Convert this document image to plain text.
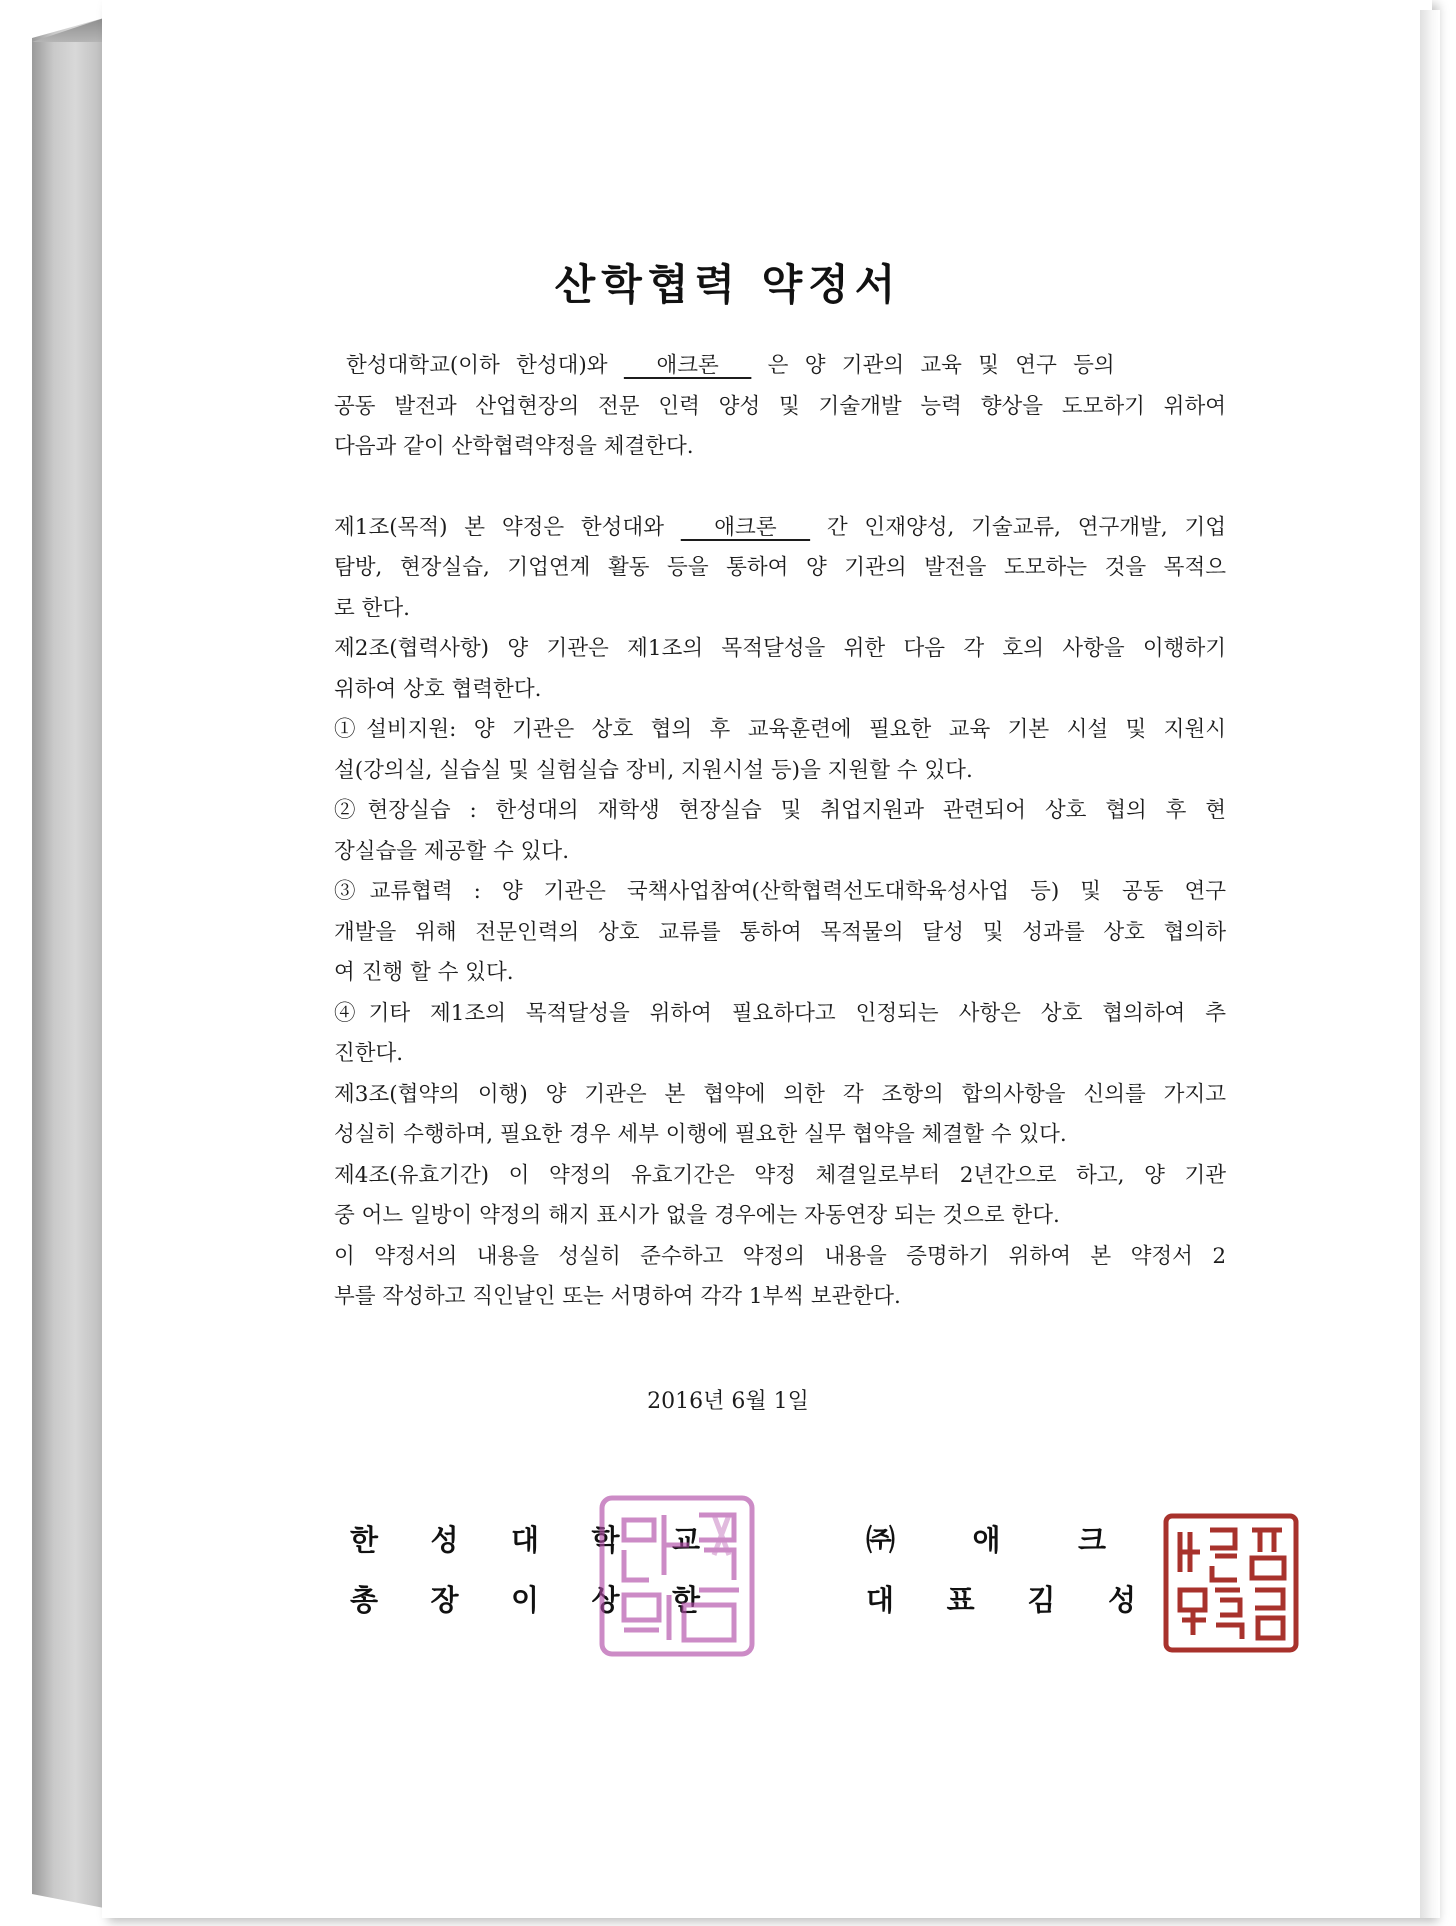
산학협력 약정서
한성대학교(이하 한성대)와   애크론   은 양 기관의 교육 및 연구 등의
공동 발전과 산업현장의 전문 인력 양성 및 기술개발 능력 향상을 도모하기 위하여
다음과 같이 산학협력약정을 체결한다.
제1조(목적) 본 약정은 한성대와   애크론   간 인재양성, 기술교류, 연구개발, 기업
탐방, 현장실습, 기업연계 활동 등을 통하여 양 기관의 발전을 도모하는 것을 목적으
로 한다.
제2조(협력사항) 양 기관은 제1조의 목적달성을 위한 다음 각 호의 사항을 이행하기
위하여 상호 협력한다.
①설비지원: 양 기관은 상호 협의 후 교육훈련에 필요한 교육 기본 시설 및 지원시
설(강의실, 실습실 및 실험실습 장비, 지원시설 등)을 지원할 수 있다.
②현장실습 : 한성대의 재학생 현장실습 및 취업지원과 관련되어 상호 협의 후 현
장실습을 제공할 수 있다.
③교류협력 : 양 기관은 국책사업참여(산학협력선도대학육성사업 등) 및 공동 연구
개발을 위해 전문인력의 상호 교류를 통하여 목적물의 달성 및 성과를 상호 협의하
여 진행 할 수 있다.
④기타 제1조의 목적달성을 위하여 필요하다고 인정되는 사항은 상호 협의하여 추
진한다.
제3조(협약의 이행) 양 기관은 본 협약에 의한 각 조항의 합의사항을 신의를 가지고
성실히 수행하며, 필요한 경우 세부 이행에 필요한 실무 협약을 체결할 수 있다.
제4조(유효기간) 이 약정의 유효기간은 약정 체결일로부터 2년간으로 하고, 양 기관
중 어느 일방이 약정의 해지 표시가 없을 경우에는 자동연장 되는 것으로 한다.
이 약정서의 내용을 성실히 준수하고 약정의 내용을 증명하기 위하여 본 약정서 2
부를 작성하고 직인날인 또는 서명하여 각각 1부씩 보관한다.
2016년 6월 1일
한 성 대 학 교
총 장 이 상 한
㈜	애	크
대 표 김 성
